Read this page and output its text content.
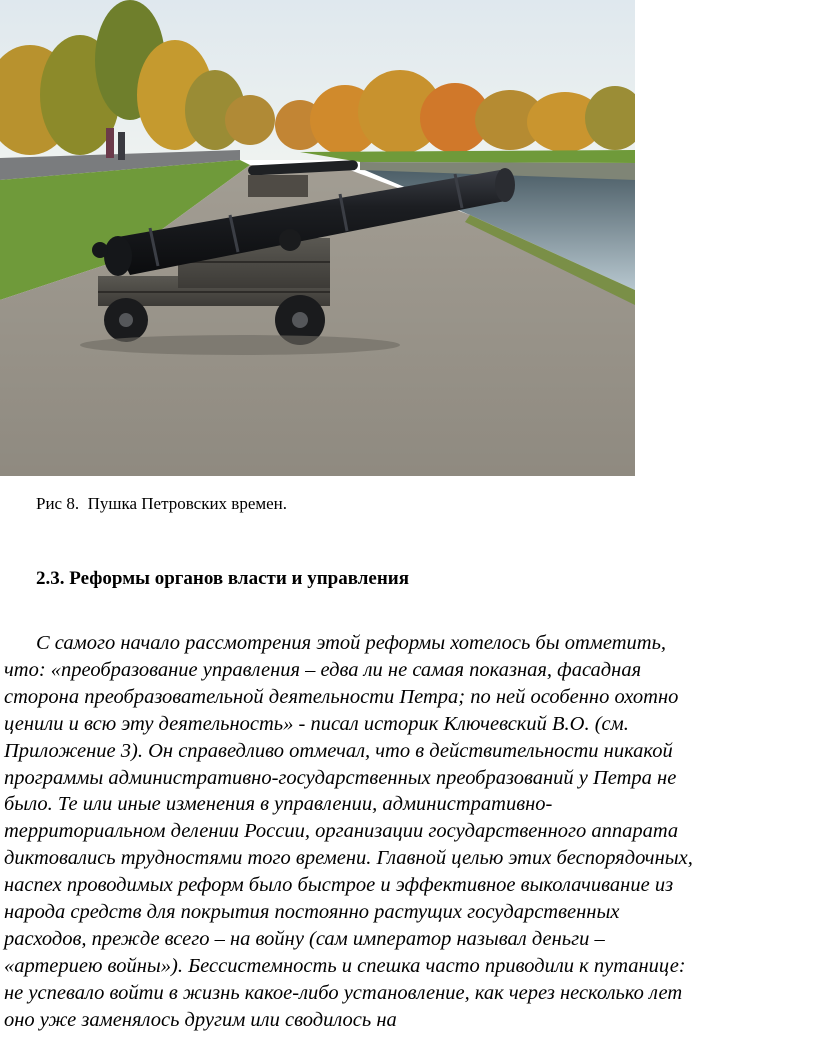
Рис 8.  Пушка Петровских времен.
2.3. Реформы органов власти и управления
С самого начало рассмотрения этой реформы хотелось бы отметить,
что: «преобразование управления – едва ли не самая показная, фасадная
сторона преобразовательной деятельности Петра; по ней особенно охотно
ценили и всю эту деятельность» - писал историк Ключевский В.О. (см.
Приложение 3). Он справедливо отмечал, что в действительности никакой
программы административно-государственных преобразований у Петра не
было. Те или иные изменения в управлении, административно-
территориальном делении России, организации государственного аппарата
диктовались трудностями того времени. Главной целью этих беспорядочных,
наспех проводимых реформ было быстрое и эффективное выколачивание из
народа средств для покрытия постоянно растущих государственных
расходов, прежде всего – на войну (сам император называл деньги –
«артериею войны»). Бессистемность и спешка часто приводили к путанице:
не успевало войти в жизнь какое-либо установление, как через несколько лет
оно уже заменялось другим или сводилось на
